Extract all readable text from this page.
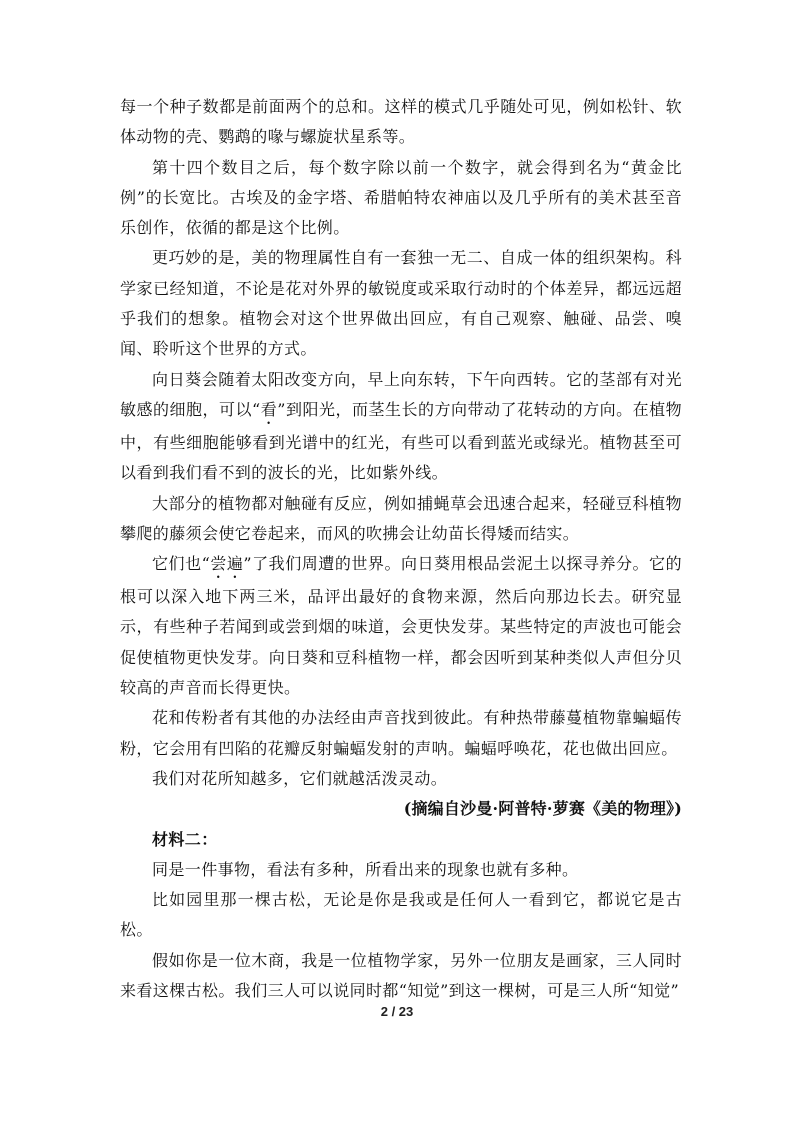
每一个种子数都是前面两个的总和。这样的模式几乎随处可见，例如松针、软体动物的壳、鹦鹉的喙与螺旋状星系等。

第十四个数目之后，每个数字除以前一个数字，就会得到名为“黄金比例”的长宽比。古埃及的金字塔、希腊帕特农神庙以及几乎所有的美术甚至音乐创作，依循的都是这个比例。

更巧妙的是，美的物理属性自有一套独一无二、自成一体的组织架构。科学家已经知道，不论是花对外界的敏锐度或采取行动时的个体差异，都远远超乎我们的想象。植物会对这个世界做出回应，有自己观察、触碰、品尝、嗅闻、聆听这个世界的方式。

向日葵会随着太阳改变方向，早上向东转，下午向西转。它的茎部有对光敏感的细胞，可以“看”到阳光，而茎生长的方向带动了花转动的方向。在植物中，有些细胞能够看到光谱中的红光，有些可以看到蓝光或绿光。植物甚至可以看到我们看不到的波长的光，比如紫外线。

大部分的植物都对触碰有反应，例如捕蝇草会迅速合起来，轻碰豆科植物攀爬的藤须会使它卷起来，而风的吹拂会让幼苗长得矮而结实。

它们也“尝遍”了我们周遭的世界。向日葵用根品尝泥土以探寻养分。它的根可以深入地下两三米，品评出最好的食物来源，然后向那边长去。研究显示，有些种子若闻到或尝到烟的味道，会更快发芽。某些特定的声波也可能会促使植物更快发芽。向日葵和豆科植物一样，都会因听到某种类似人声但分贝较高的声音而长得更快。

花和传粉者有其他的办法经由声音找到彼此。有种热带藤蔓植物靠蝙蝠传粉，它会用有凹陷的花瓣反射蝙蝠发射的声呐。蝙蝠呼唤花，花也做出回应。

我们对花所知越多，它们就越活泼灵动。

(摘编自沙曼·阿普特·萝赛《美的物理》)

材料二：

同是一件事物，看法有多种，所看出来的现象也就有多种。

比如园里那一棵古松，无论是你是我或是任何人一看到它，都说它是古松。

假如你是一位木商，我是一位植物学家，另外一位朋友是画家，三人同时来看这棵古松。我们三人可以说同时都“知觉”到这一棵树，可是三人所“知觉”

2 / 23
